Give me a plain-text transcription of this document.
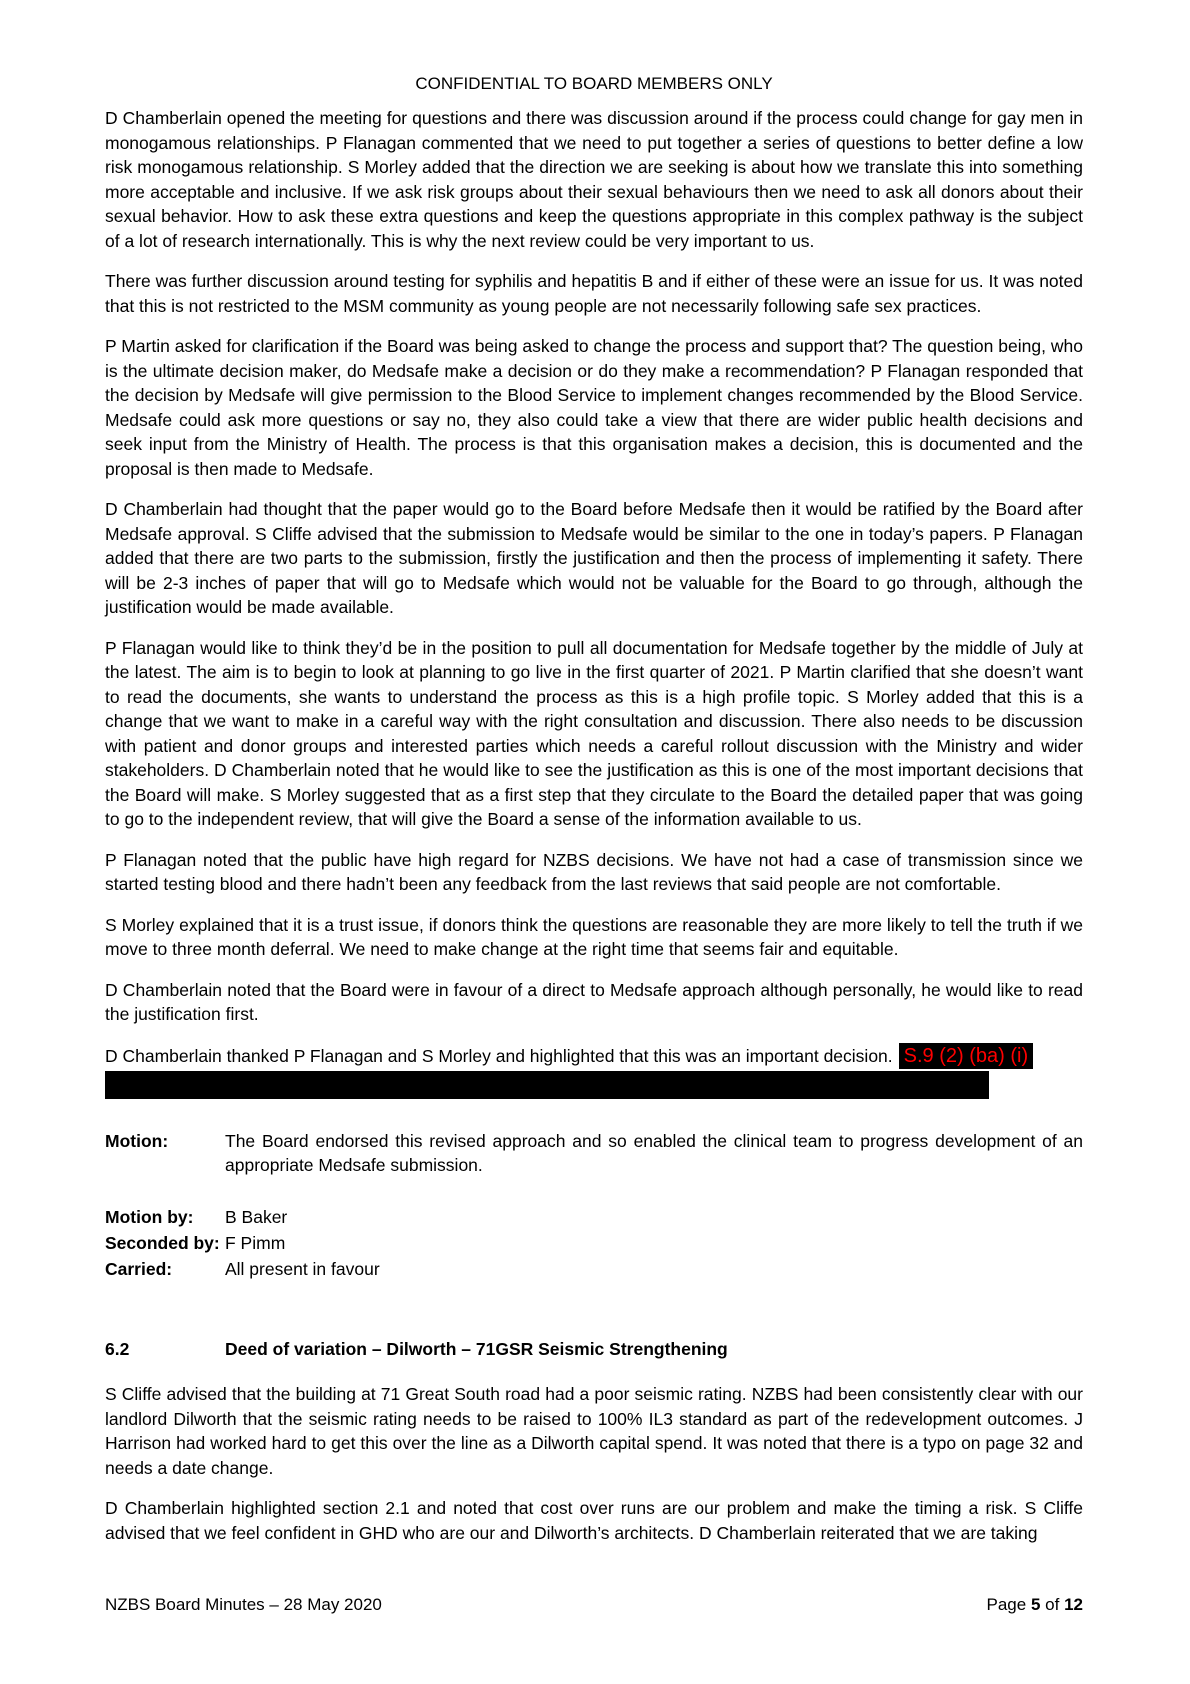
CONFIDENTIAL TO BOARD MEMBERS ONLY

D Chamberlain opened the meeting for questions and there was discussion around if the process could change for gay men in monogamous relationships. P Flanagan commented that we need to put together a series of questions to better define a low risk monogamous relationship. S Morley added that the direction we are seeking is about how we translate this into something more acceptable and inclusive. If we ask risk groups about their sexual behaviours then we need to ask all donors about their sexual behavior. How to ask these extra questions and keep the questions appropriate in this complex pathway is the subject of a lot of research internationally. This is why the next review could be very important to us.

There was further discussion around testing for syphilis and hepatitis B and if either of these were an issue for us. It was noted that this is not restricted to the MSM community as young people are not necessarily following safe sex practices.

P Martin asked for clarification if the Board was being asked to change the process and support that? The question being, who is the ultimate decision maker, do Medsafe make a decision or do they make a recommendation? P Flanagan responded that the decision by Medsafe will give permission to the Blood Service to implement changes recommended by the Blood Service. Medsafe could ask more questions or say no, they also could take a view that there are wider public health decisions and seek input from the Ministry of Health. The process is that this organisation makes a decision, this is documented and the proposal is then made to Medsafe.

D Chamberlain had thought that the paper would go to the Board before Medsafe then it would be ratified by the Board after Medsafe approval. S Cliffe advised that the submission to Medsafe would be similar to the one in today’s papers. P Flanagan added that there are two parts to the submission, firstly the justification and then the process of implementing it safety. There will be 2-3 inches of paper that will go to Medsafe which would not be valuable for the Board to go through, although the justification would be made available.

P Flanagan would like to think they’d be in the position to pull all documentation for Medsafe together by the middle of July at the latest. The aim is to begin to look at planning to go live in the first quarter of 2021. P Martin clarified that she doesn’t want to read the documents, she wants to understand the process as this is a high profile topic. S Morley added that this is a change that we want to make in a careful way with the right consultation and discussion. There also needs to be discussion with patient and donor groups and interested parties which needs a careful rollout discussion with the Ministry and wider stakeholders. D Chamberlain noted that he would like to see the justification as this is one of the most important decisions that the Board will make. S Morley suggested that as a first step that they circulate to the Board the detailed paper that was going to go to the independent review, that will give the Board a sense of the information available to us.

P Flanagan noted that the public have high regard for NZBS decisions. We have not had a case of transmission since we started testing blood and there hadn’t been any feedback from the last reviews that said people are not comfortable.

S Morley explained that it is a trust issue, if donors think the questions are reasonable they are more likely to tell the truth if we move to three month deferral. We need to make change at the right time that seems fair and equitable.

D Chamberlain noted that the Board were in favour of a direct to Medsafe approach although personally, he would like to read the justification first.

D Chamberlain thanked P Flanagan and S Morley and highlighted that this was an important decision. S.9 (2) (ba) (i)
Motion:	The Board endorsed this revised approach and so enabled the clinical team to progress development of an appropriate Medsafe submission.
Motion by:	B Baker
Seconded by: F Pimm
Carried:	All present in favour
6.2	Deed of variation – Dilworth – 71GSR Seismic Strengthening

S Cliffe advised that the building at 71 Great South road had a poor seismic rating. NZBS had been consistently clear with our landlord Dilworth that the seismic rating needs to be raised to 100% IL3 standard as part of the redevelopment outcomes. J Harrison had worked hard to get this over the line as a Dilworth capital spend. It was noted that there is a typo on page 32 and needs a date change.

D Chamberlain highlighted section 2.1 and noted that cost over runs are our problem and make the timing a risk. S Cliffe advised that we feel confident in GHD who are our and Dilworth’s architects. D Chamberlain reiterated that we are taking

NZBS Board Minutes – 28 May 2020	Page 5 of 12
